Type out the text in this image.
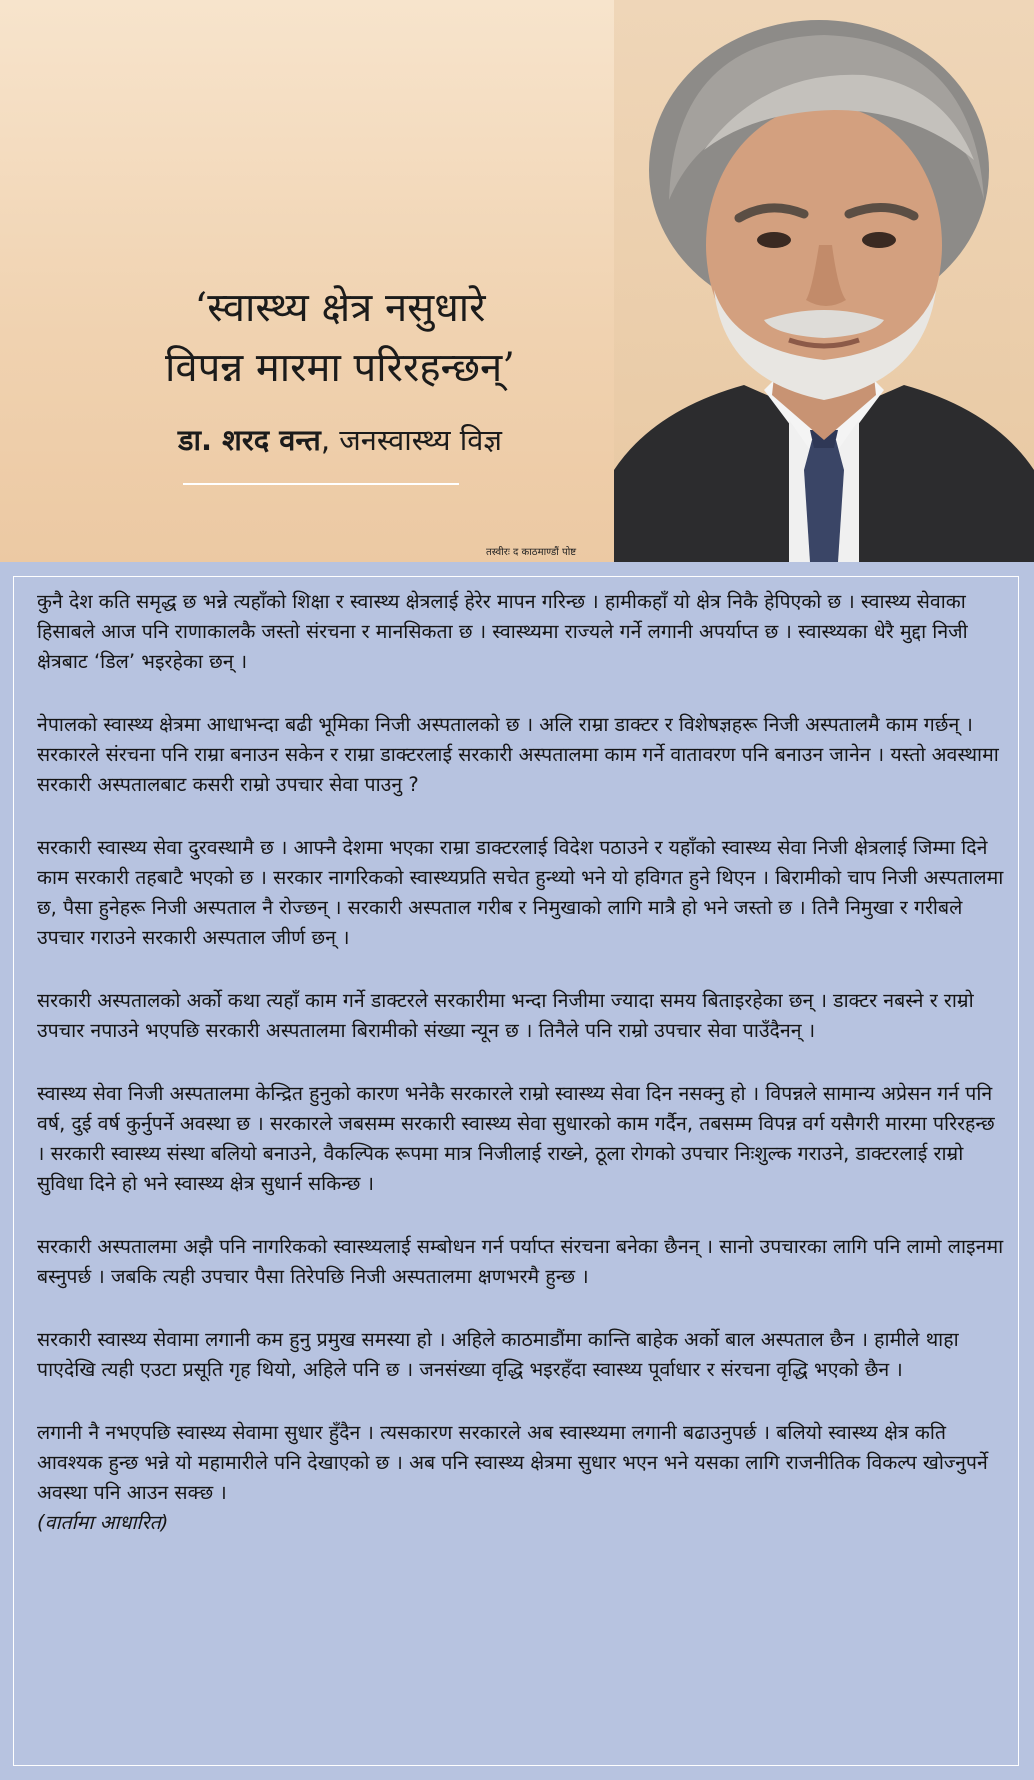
‘स्वास्थ्य क्षेत्र नसुधारे
विपन्न मारमा परिरहन्छन्’
डा. शरद वन्त, जनस्वास्थ्य विज्ञ
तस्वीरः द काठमाण्डौं पोष्ट

कुनै देश कति समृद्ध छ भन्ने त्यहाँको शिक्षा र स्वास्थ्य क्षेत्रलाई हेरेर मापन गरिन्छ । हामीकहाँ यो क्षेत्र निकै हेपिएको छ । स्वास्थ्य सेवाका हिसाबले आज पनि राणाकालकै जस्तो संरचना र मानसिकता छ । स्वास्थ्यमा राज्यले गर्ने लगानी अपर्याप्त छ । स्वास्थ्यका धेरै मुद्दा निजी क्षेत्रबाट ‘डिल’ भइरहेका छन् ।

नेपालको स्वास्थ्य क्षेत्रमा आधाभन्दा बढी भूमिका निजी अस्पतालको छ । अलि राम्रा डाक्टर र विशेषज्ञहरू निजी अस्पतालमै काम गर्छन् । सरकारले संरचना पनि राम्रा बनाउन सकेन र राम्रा डाक्टरलाई सरकारी अस्पतालमा काम गर्ने वातावरण पनि बनाउन जानेन । यस्तो अवस्थामा सरकारी अस्पतालबाट कसरी राम्रो उपचार सेवा पाउनु ?

सरकारी स्वास्थ्य सेवा दुरवस्थामै छ । आफ्नै देशमा भएका राम्रा डाक्टरलाई विदेश पठाउने र यहाँको स्वास्थ्य सेवा निजी क्षेत्रलाई जिम्मा दिने काम सरकारी तहबाटै भएको छ । सरकार नागरिकको स्वास्थ्यप्रति सचेत हुन्थ्यो भने यो हविगत हुने थिएन । बिरामीको चाप निजी अस्पतालमा छ, पैसा हुनेहरू निजी अस्पताल नै रोज्छन् । सरकारी अस्पताल गरीब र निमुखाको लागि मात्रै हो भने जस्तो छ । तिनै निमुखा र गरीबले उपचार गराउने सरकारी अस्पताल जीर्ण छन् ।

सरकारी अस्पतालको अर्को कथा त्यहाँ काम गर्ने डाक्टरले सरकारीमा भन्दा निजीमा ज्यादा समय बिताइरहेका छन् । डाक्टर नबस्ने र राम्रो उपचार नपाउने भएपछि सरकारी अस्पतालमा बिरामीको संख्या न्यून छ । तिनैले पनि राम्रो उपचार सेवा पाउँदैनन् ।

स्वास्थ्य सेवा निजी अस्पतालमा केन्द्रित हुनुको कारण भनेकै सरकारले राम्रो स्वास्थ्य सेवा दिन नसक्नु हो । विपन्नले सामान्य अप्रेसन गर्न पनि वर्ष, दुई वर्ष कुर्नुपर्ने अवस्था छ । सरकारले जबसम्म सरकारी स्वास्थ्य सेवा सुधारको काम गर्दैन, तबसम्म विपन्न वर्ग यसैगरी मारमा परिरहन्छ । सरकारी स्वास्थ्य संस्था बलियो बनाउने, वैकल्पिक रूपमा मात्र निजीलाई राख्ने, ठूला रोगको उपचार निःशुल्क गराउने, डाक्टरलाई राम्रो सुविधा दिने हो भने स्वास्थ्य क्षेत्र सुधार्न सकिन्छ ।

सरकारी अस्पतालमा अझै पनि नागरिकको स्वास्थ्यलाई सम्बोधन गर्न पर्याप्त संरचना बनेका छैनन् । सानो उपचारका लागि पनि लामो लाइनमा बस्नुपर्छ । जबकि त्यही उपचार पैसा तिरेपछि निजी अस्पतालमा क्षणभरमै हुन्छ ।

सरकारी स्वास्थ्य सेवामा लगानी कम हुनु प्रमुख समस्या हो । अहिले काठमाडौंमा कान्ति बाहेक अर्को बाल अस्पताल छैन । हामीले थाहा पाएदेखि त्यही एउटा प्रसूति गृह थियो, अहिले पनि छ । जनसंख्या वृद्धि भइरहँदा स्वास्थ्य पूर्वाधार र संरचना वृद्धि भएको छैन ।

लगानी नै नभएपछि स्वास्थ्य सेवामा सुधार हुँदैन । त्यसकारण सरकारले अब स्वास्थ्यमा लगानी बढाउनुपर्छ । बलियो स्वास्थ्य क्षेत्र कति आवश्यक हुन्छ भन्ने यो महामारीले पनि देखाएको छ । अब पनि स्वास्थ्य क्षेत्रमा सुधार भएन भने यसका लागि राजनीतिक विकल्प खोज्नुपर्ने अवस्था पनि आउन सक्छ ।

(वार्तामा आधारित)
